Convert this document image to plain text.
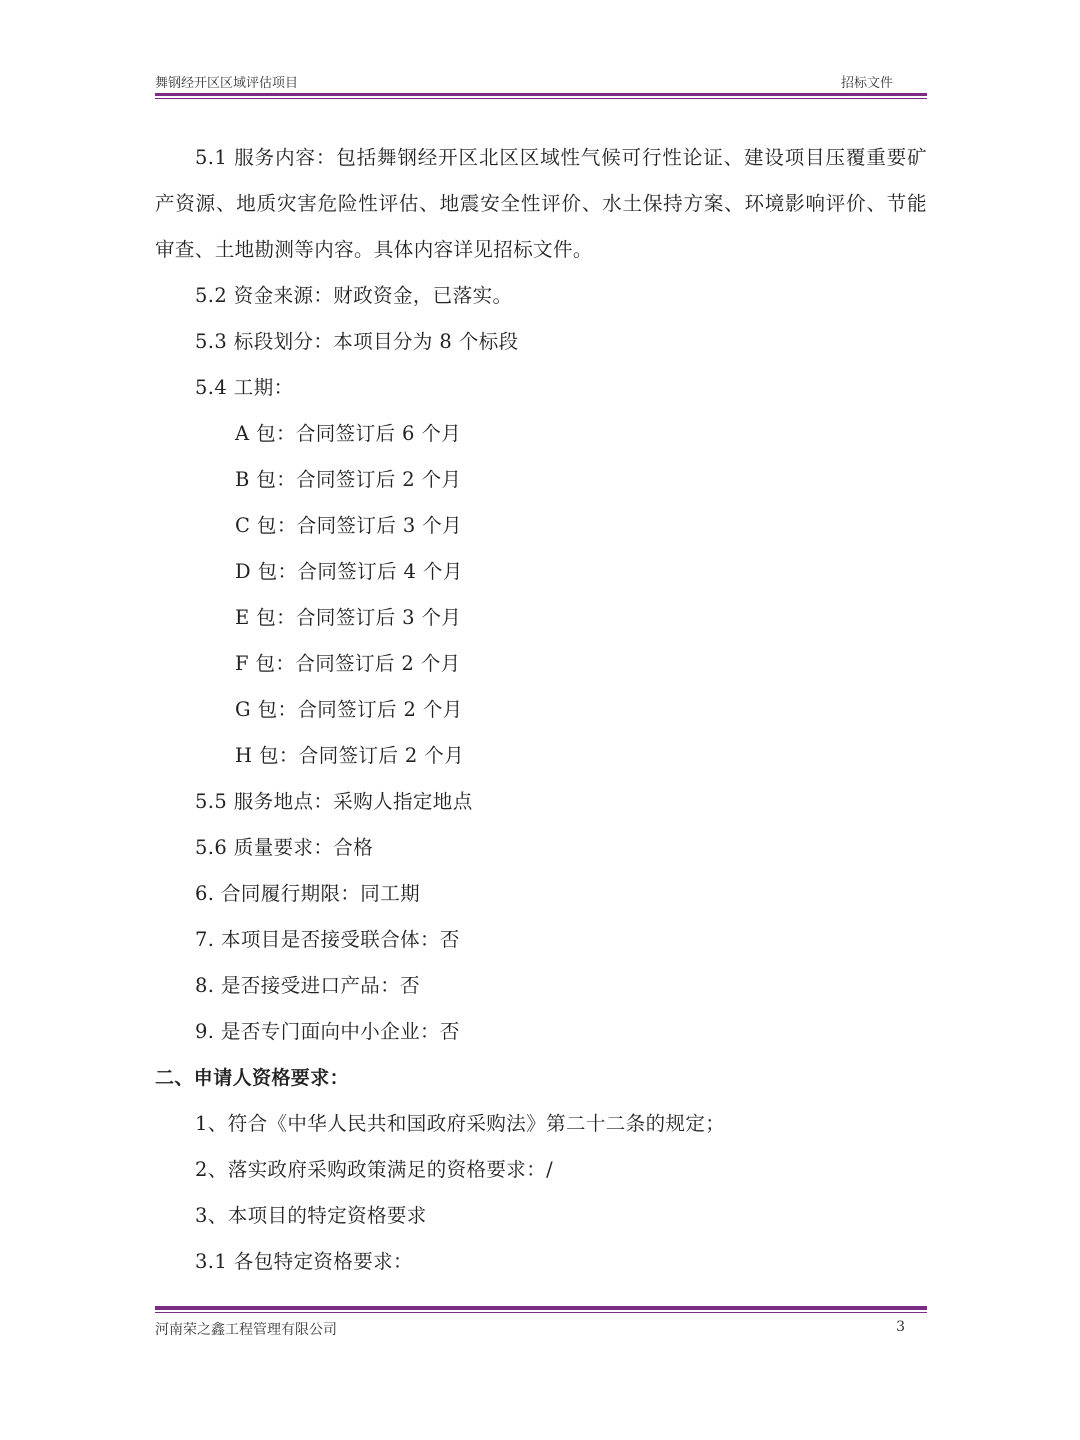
舞钢经开区区域评估项目	招标文件

5.1 服务内容：包括舞钢经开区北区区域性气候可行性论证、建设项目压覆重要矿产资源、地质灾害危险性评估、地震安全性评价、水土保持方案、环境影响评价、节能审查、土地勘测等内容。具体内容详见招标文件。

5.2 资金来源：财政资金，已落实。

5.3 标段划分：本项目分为 8 个标段

5.4 工期：

A 包：合同签订后 6 个月

B 包：合同签订后 2 个月

C 包：合同签订后 3 个月

D 包：合同签订后 4 个月

E 包：合同签订后 3 个月

F 包：合同签订后 2 个月

G 包：合同签订后 2 个月

H 包：合同签订后 2 个月

5.5 服务地点：采购人指定地点

5.6 质量要求：合格

6. 合同履行期限：同工期

7. 本项目是否接受联合体：否

8. 是否接受进口产品：否

9. 是否专门面向中小企业：否

二、申请人资格要求：

1、符合《中华人民共和国政府采购法》第二十二条的规定；

2、落实政府采购政策满足的资格要求：/

3、本项目的特定资格要求

3.1 各包特定资格要求：

河南荣之鑫工程管理有限公司	3
